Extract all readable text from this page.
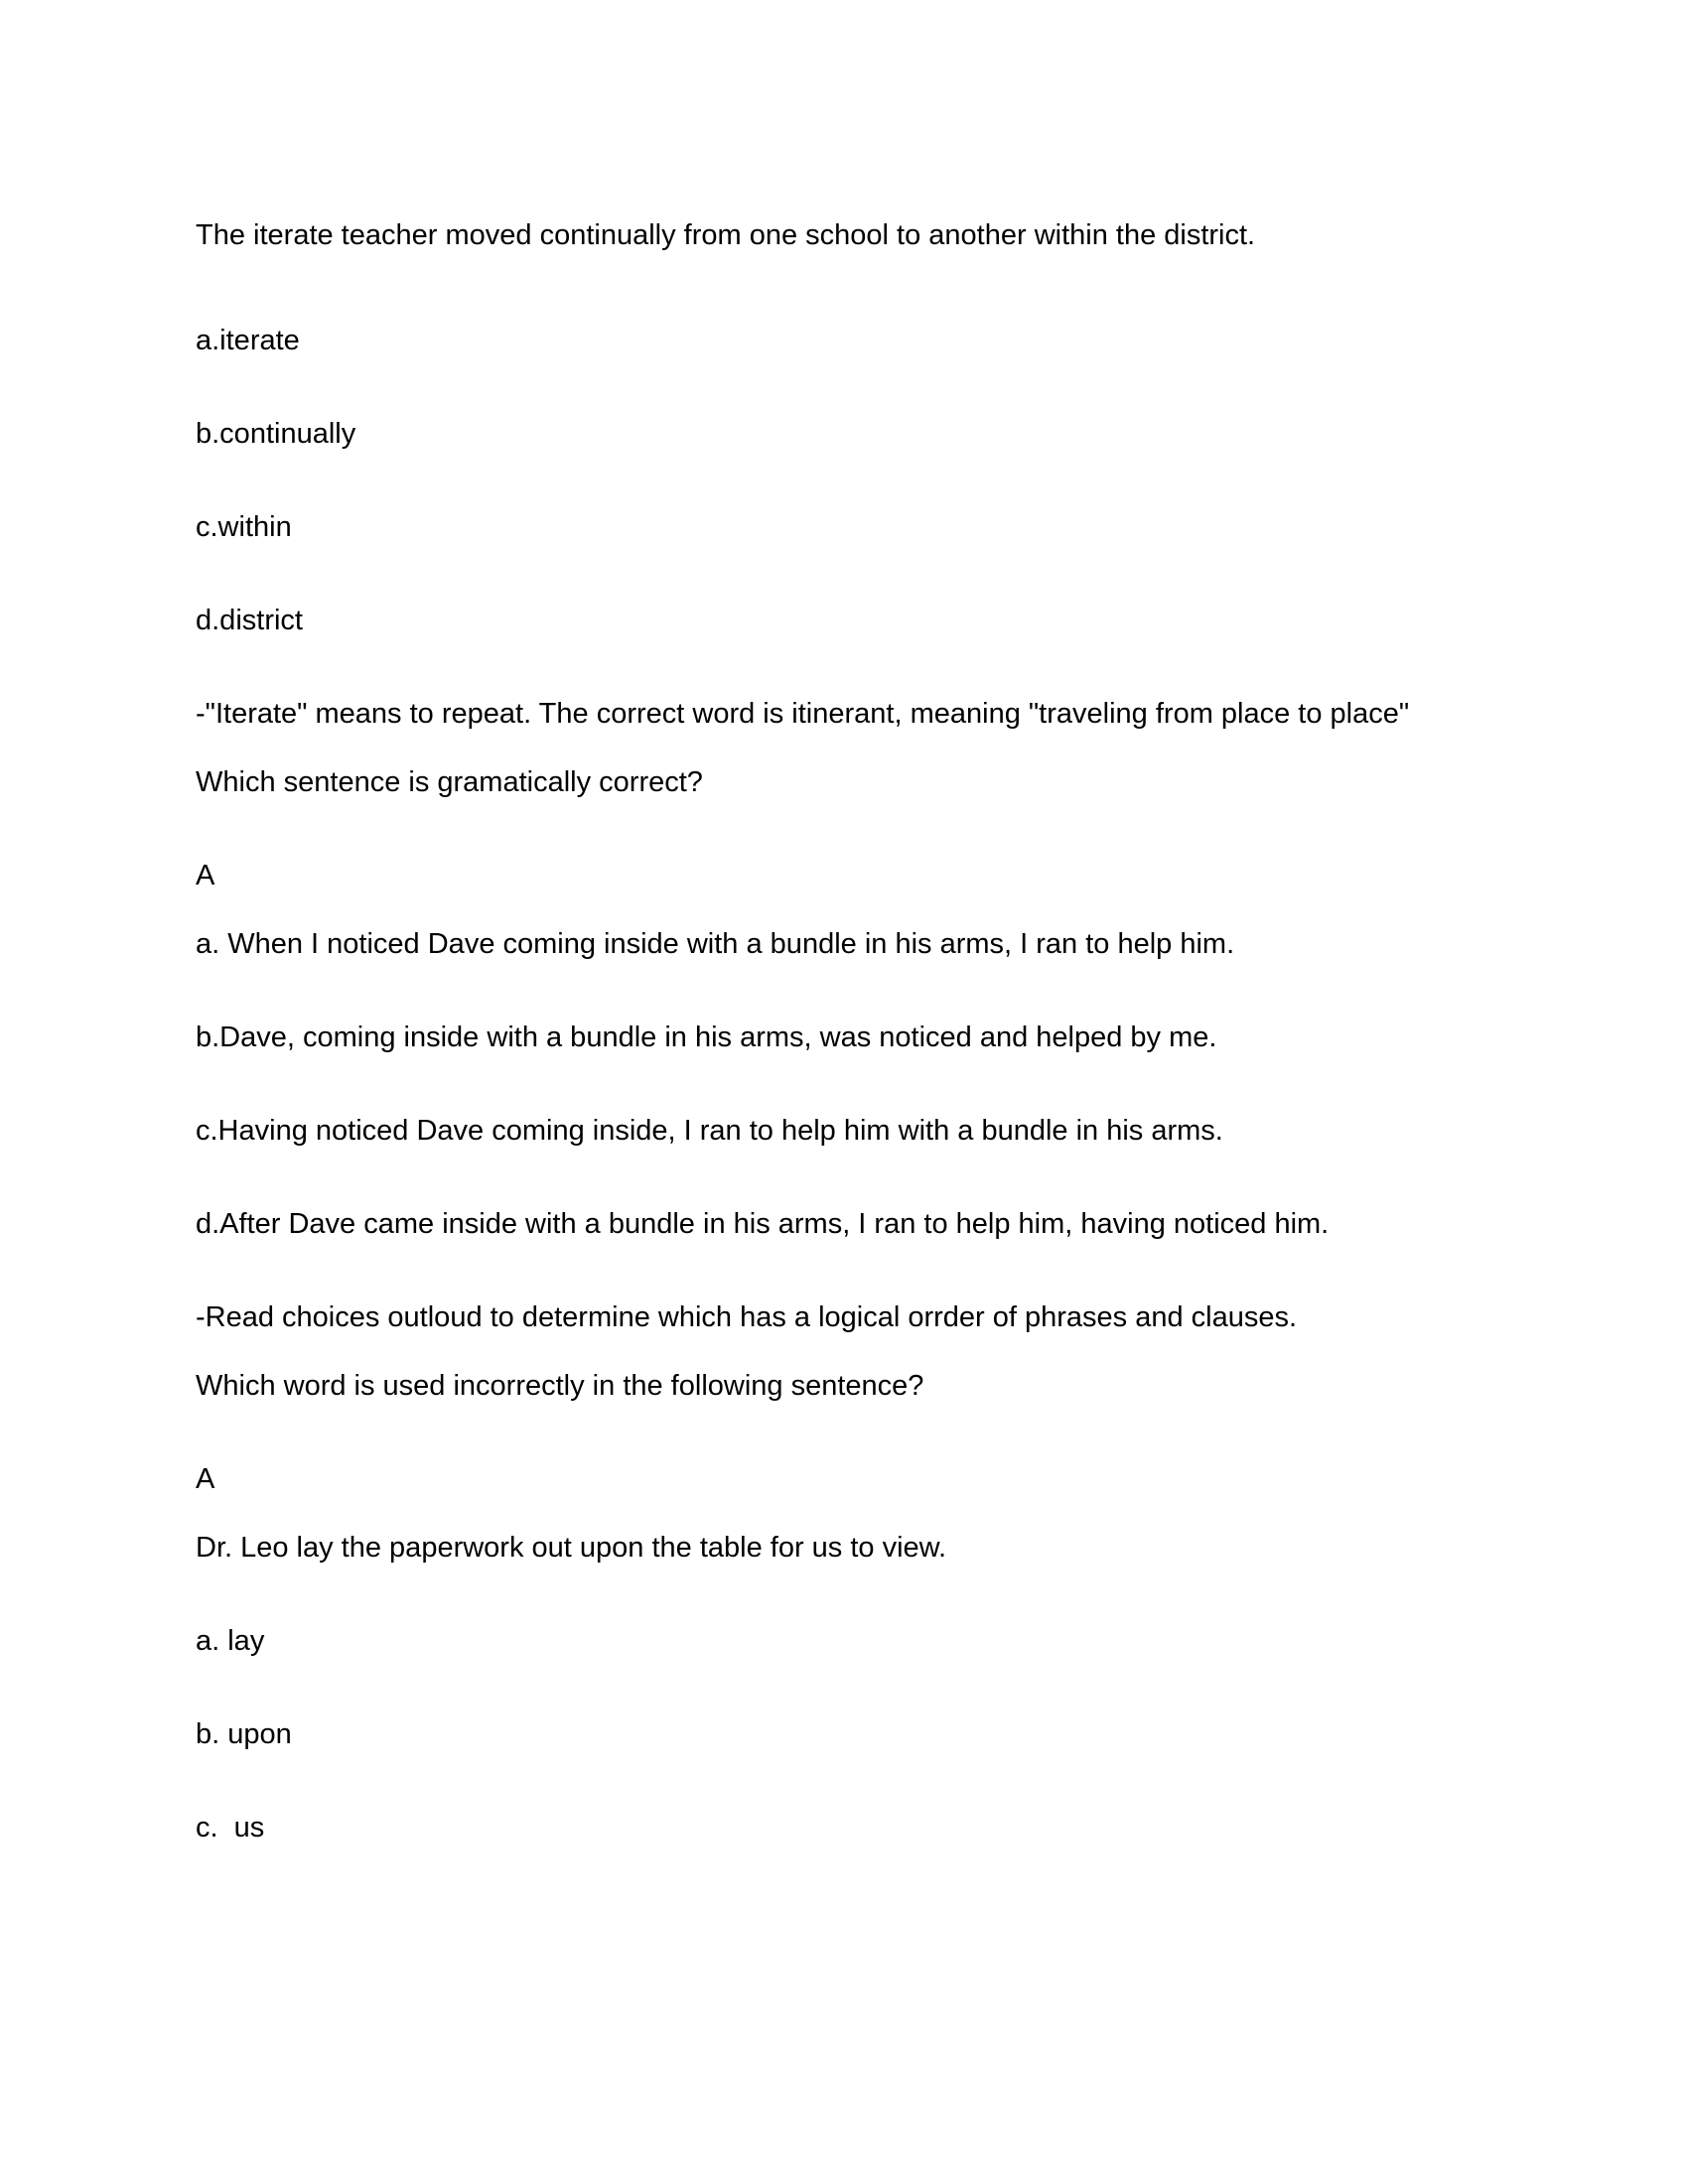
The iterate teacher moved continually from one school to another within the district.

a.iterate

b.continually

c.within

d.district

-"Iterate" means to repeat. The correct word is itinerant, meaning "traveling from place to place"

Which sentence is gramatically correct?

A

a. When I noticed Dave coming inside with a bundle in his arms, I ran to help him.

b.Dave, coming inside with a bundle in his arms, was noticed and helped by me.

c.Having noticed Dave coming inside, I ran to help him with a bundle in his arms.

d.After Dave came inside with a bundle in his arms, I ran to help him, having noticed him.

-Read choices outloud to determine which has a logical orrder of phrases and clauses.

Which word is used incorrectly in the following sentence?

A

Dr. Leo lay the paperwork out upon the table for us to view.

a. lay

b. upon

c.  us
